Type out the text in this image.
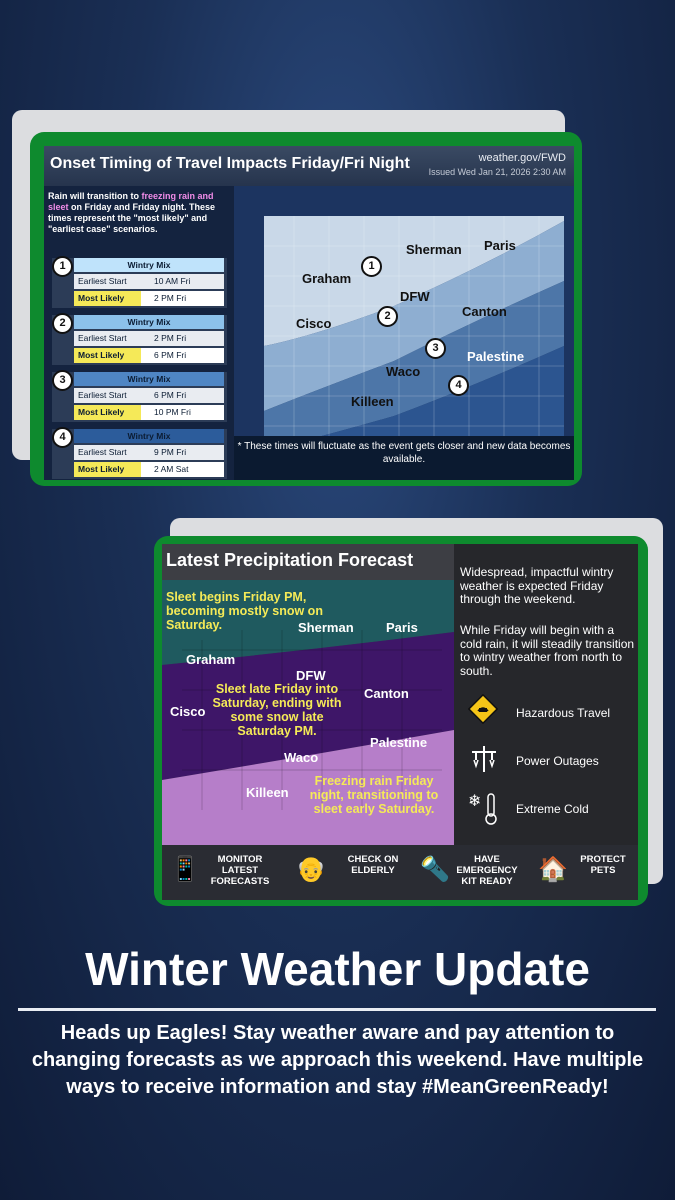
Onset Timing of Travel Impacts Friday/Fri Night	weather.gov/FWD
Issued Wed Jan 21, 2026 2:30 AM
Rain will transition to freezing rain and sleet on Friday and Friday night. These times represent the "most likely" and "earliest case" scenarios.
1	Wintry Mix
Earliest Start	10 AM Fri
Most Likely	2 PM Fri
2	Wintry Mix
Earliest Start	2 PM Fri
Most Likely	6 PM Fri
3	Wintry Mix
Earliest Start	6 PM Fri
Most Likely	10 PM Fri
4	Wintry Mix
Earliest Start	9 PM Fri
Most Likely	2 AM Sat
Graham
Sherman Paris
DFW
Cisco
Canton
Palestine
Waco
Killeen
1
2
3
4
* These times will fluctuate as the event gets closer and new data becomes available.
Latest Precipitation Forecast
Sleet begins Friday PM, becoming mostly snow on Saturday.
Sleet late Friday into Saturday, ending with some snow late Saturday PM.
Freezing rain Friday night, transitioning to sleet early Saturday.
Sherman Paris
Graham
DFW
Cisco
Canton
Palestine
Waco
Killeen
Widespread, impactful wintry weather is expected Friday through the weekend.
While Friday will begin with a cold rain, it will steadily transition to wintry weather from north to south.
Hazardous Travel
Power Outages
❄	Extreme Cold
📱	MONITOR LATEST FORECASTS 👴	CHECK ON ELDERLY	🔦	HAVE EMERGENCY KIT READY	🏠	PROTECT PETS
Winter Weather Update
Heads up Eagles! Stay weather aware and pay attention to changing forecasts as we approach this weekend. Have multiple ways to receive information and stay #MeanGreenReady!
